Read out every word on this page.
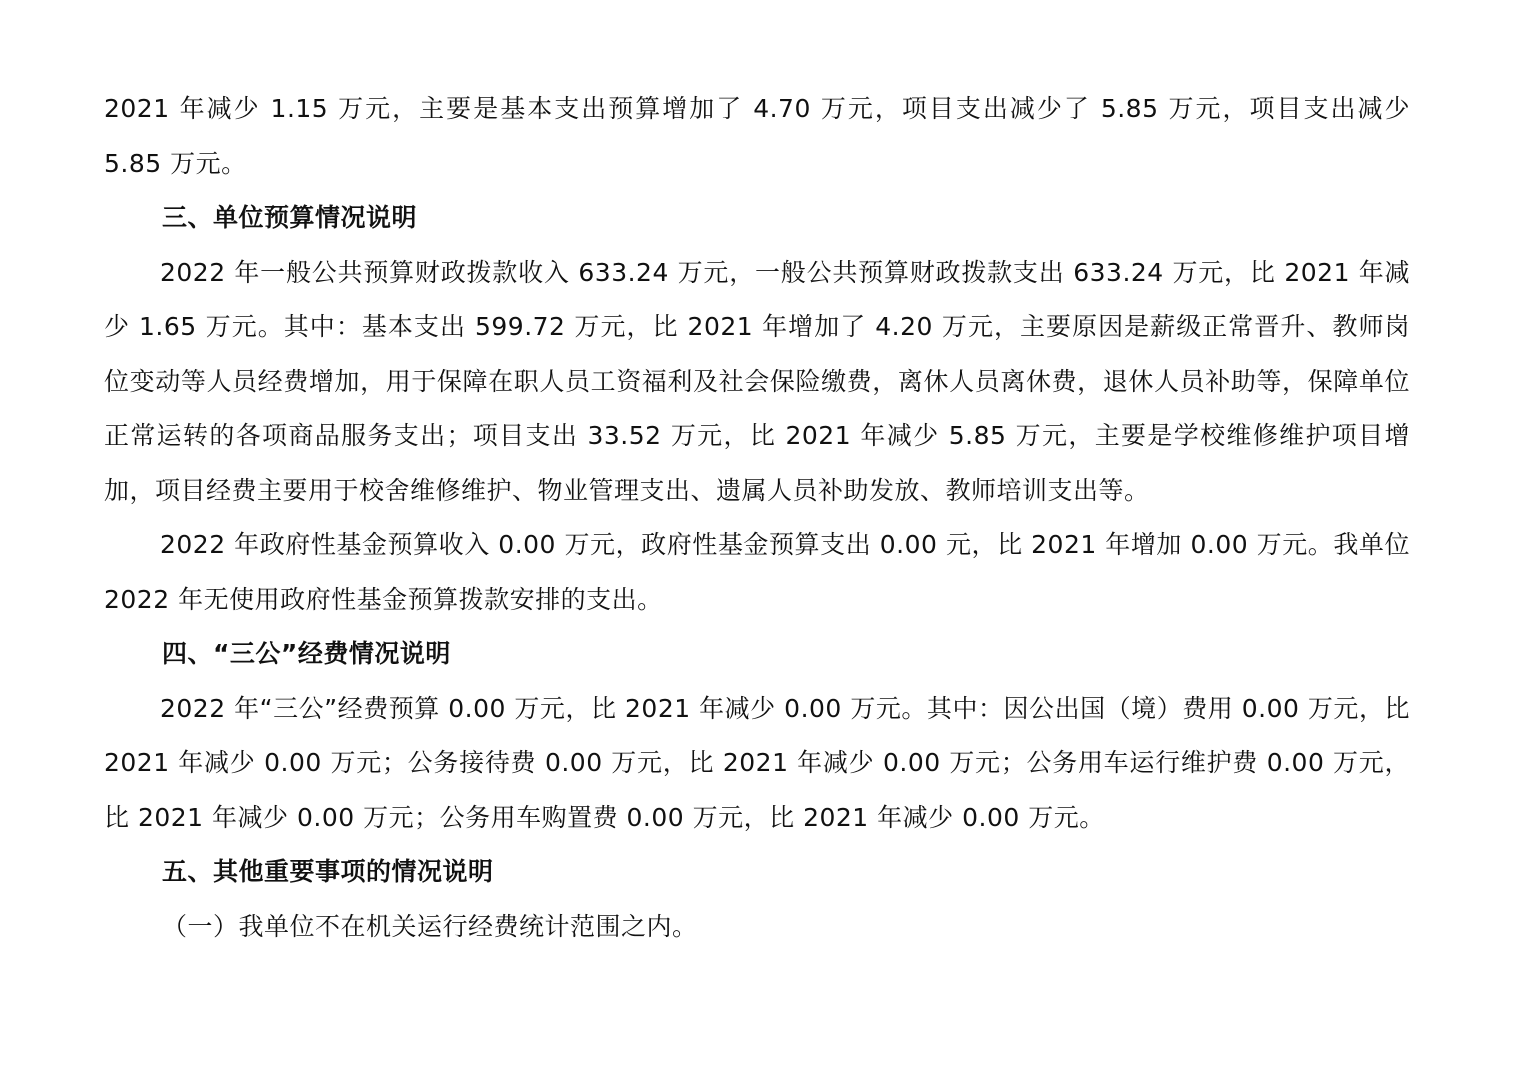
2021 年减少 1.15 万元，主要是基本支出预算增加了 4.70 万元，项目支出减少了 5.85 万元，项目支出减少 5.85 万元。

三、单位预算情况说明

2022 年一般公共预算财政拨款收入 633.24 万元，一般公共预算财政拨款支出 633.24 万元，比 2021 年减少 1.65 万元。其中：基本支出 599.72 万元，比 2021 年增加了 4.20 万元，主要原因是薪级正常晋升、教师岗位变动等人员经费增加，用于保障在职人员工资福利及社会保险缴费，离休人员离休费，退休人员补助等，保障单位正常运转的各项商品服务支出；项目支出 33.52 万元，比 2021 年减少 5.85 万元，主要是学校维修维护项目增加，项目经费主要用于校舍维修维护、物业管理支出、遗属人员补助发放、教师培训支出等。

2022 年政府性基金预算收入 0.00 万元，政府性基金预算支出 0.00 元，比 2021 年增加 0.00 万元。我单位 2022 年无使用政府性基金预算拨款安排的支出。

四、“三公”经费情况说明

2022 年“三公”经费预算 0.00 万元，比 2021 年减少 0.00 万元。其中：因公出国（境）费用 0.00 万元，比 2021 年减少 0.00 万元；公务接待费 0.00 万元，比 2021 年减少 0.00 万元；公务用车运行维护费 0.00 万元，比 2021 年减少 0.00 万元；公务用车购置费 0.00 万元，比 2021 年减少 0.00 万元。

五、其他重要事项的情况说明

（一）我单位不在机关运行经费统计范围之内。
